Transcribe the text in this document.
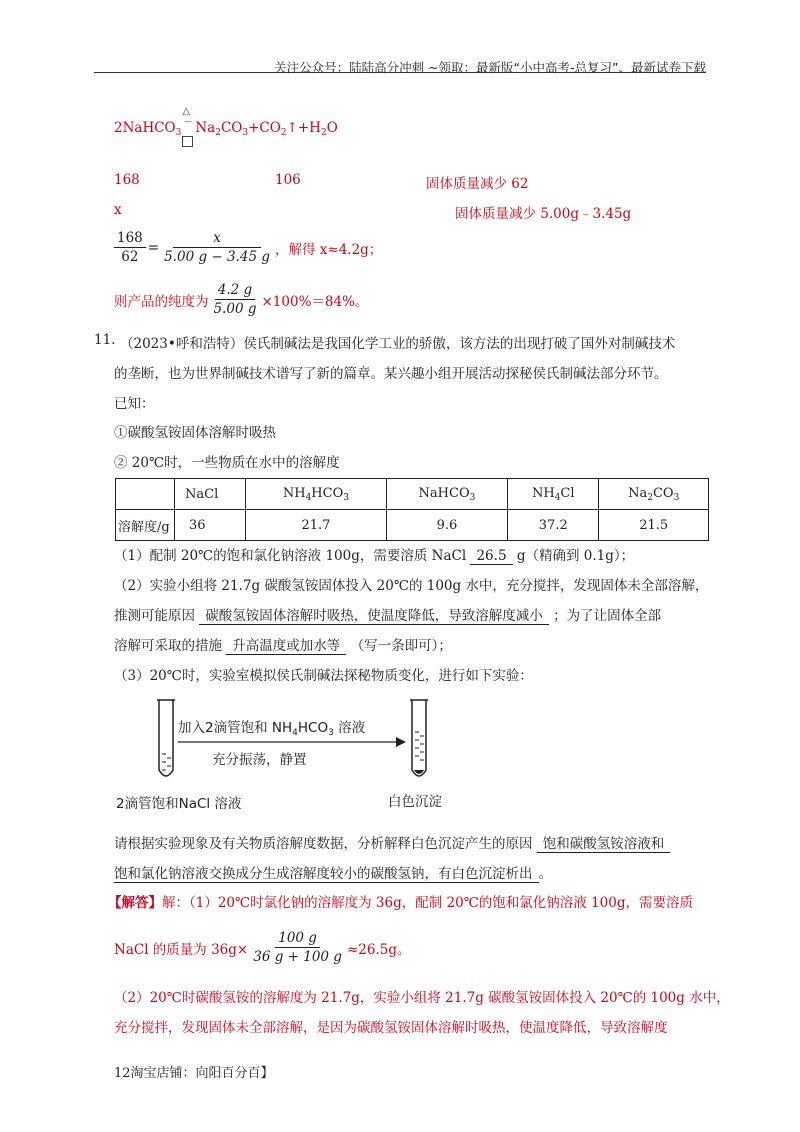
关注公众号：陆陆高分冲刺 ~领取：最新版“小中高考-总复习”、最新试卷下载
2NaHCO$_3$
△
‾ $Na_2CO_3+CO_2↑+H_2O$
168	106	固体质量减少 62
x	固体质量减少 5.00g﹣3.45g
$\frac{168}{62} = \frac{x}{5.00 g - 3.45 g}$ ，解得 x≈4.2g；
则产品的纯度为 $\frac{4.2 g}{5.00 g} \times 100\%=84\%$。
11. （2023•呼和浩特）侯氏制碱法是我国化学工业的骄傲，该方法的出现打破了国外对制碱技术
的垄断，也为世界制碱技术谱写了新的篇章。某兴趣小组开展活动探秘侯氏制碱法部分环节。
已知：
①碳酸氢铵固体溶解时吸热
② 20℃时，一些物质在水中的溶解度
	NaCl	$NH_4HCO_3$	NaHCO$_3$	$NH_4Cl$	$Na_2CO_3$
溶解度/g	36	21.7	9.6	37.2	21.5
（1）配制 20℃的饱和氯化钠溶液 100g，需要溶质 NaCl 26.5 g（精确到 0.1g）；
（2）实验小组将 21.7g 碳酸氢铵固体投入 20℃的 100g 水中，充分搅拌，发现固体未全部溶解，
推测可能原因 碳酸氢铵固体溶解时吸热，使温度降低，导致溶解度减小 ；为了让固体全部
溶解可采取的措施 升高温度或加水等 （写一条即可）；
（3）20℃时，实验室模拟侯氏制碱法探秘物质变化，进行如下实验：
加入2滴管饱和 $NH_4HCO_3$ 溶液
充分振荡，静置
2滴管饱和NaCl 溶液	白色沉淀
请根据实验现象及有关物质溶解度数据，分析解释白色沉淀产生的原因 饱和碳酸氢铵溶液和
饱和氯化钠溶液交换成分生成溶解度较小的碳酸氢钠，有白色沉淀析出 。
【解答】解：（1）20℃时氯化钠的溶解度为 36g，配制 20℃的饱和氯化钠溶液 100g，需要溶质
NaCl 的质量为 $36g\times \frac{100 g}{36 g + 100 g} \approx 26.5g$。
（2）20℃时碳酸氢铵的溶解度为 21.7g，实验小组将 21.7g 碳酸氢铵固体投入 20℃的 100g 水中，
充分搅拌，发现固体未全部溶解，是因为碳酸氢铵固体溶解时吸热，使温度降低，导致溶解度
12淘宝店铺：向阳百分百】
